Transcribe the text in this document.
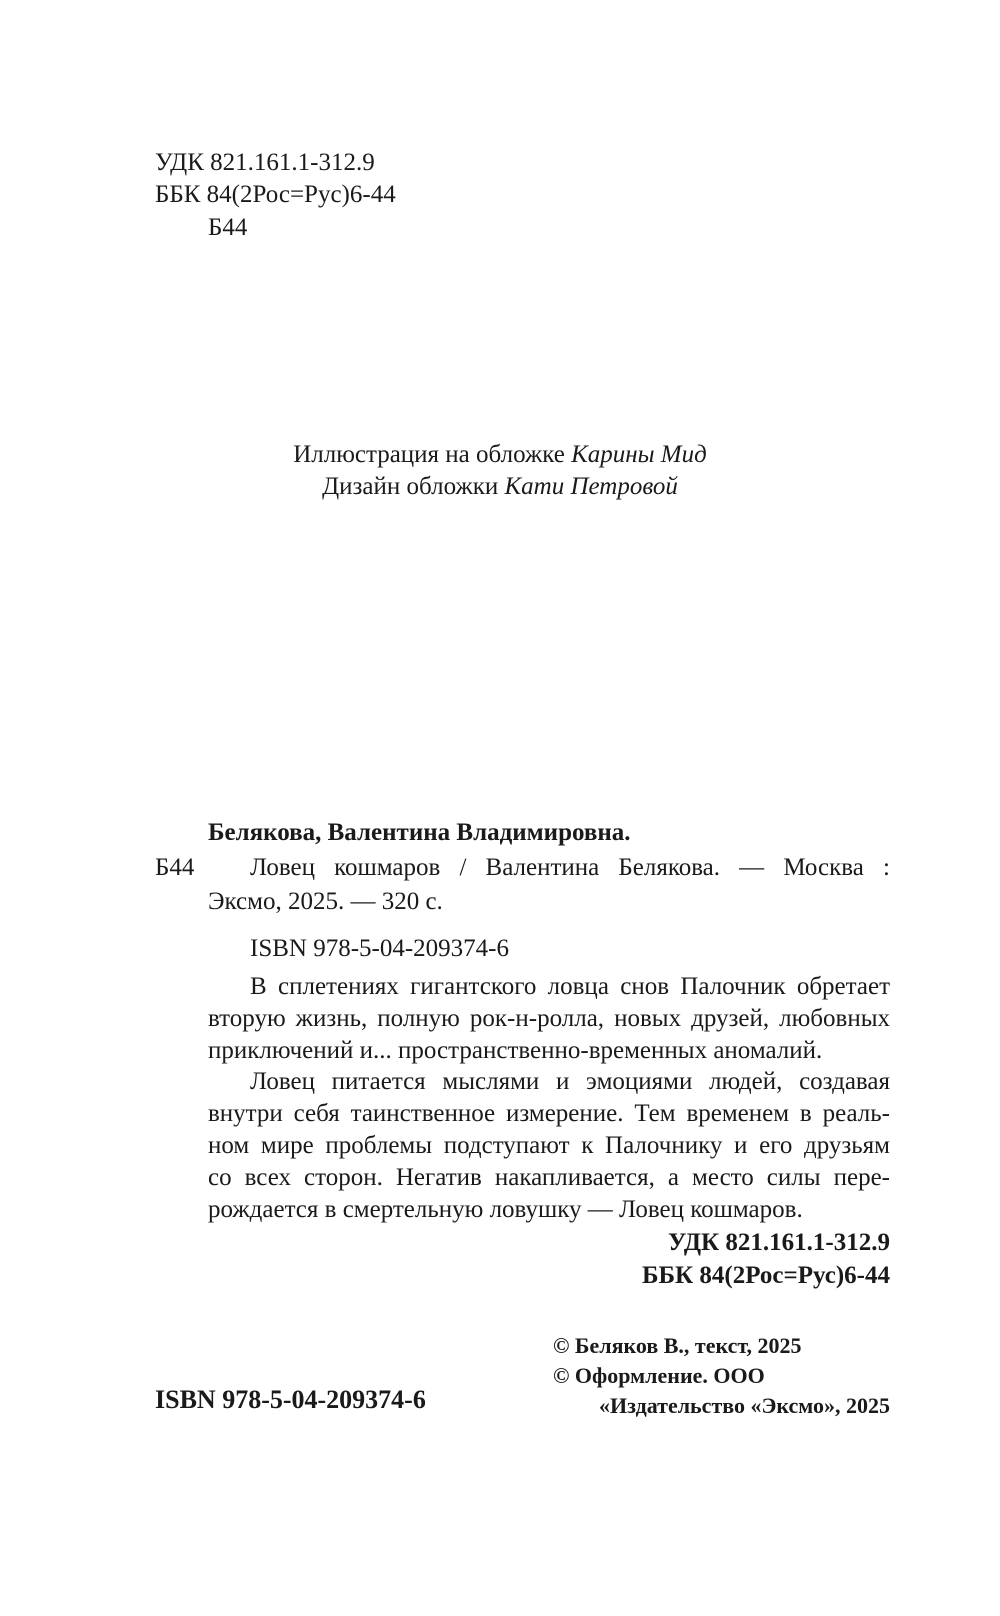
УДК 821.161.1-312.9
ББК 84(2Рос=Рус)6-44
Б44
Иллюстрация на обложке Карины Мид
Дизайн обложки Кати Петровой
Белякова, Валентина Владимировна.
Б44 Ловец кошмаров / Валентина Белякова. — Москва :
Эксмо, 2025. — 320 с.
ISBN 978-5-04-209374-6
В сплетениях гигантского ловца снов Палочник обретает
вторую жизнь, полную рок-н-ролла, новых друзей, любовных
приключений и... пространственно-временных аномалий.
Ловец питается мыслями и эмоциями людей, создавая
внутри себя таинственное измерение. Тем временем в реаль-
ном мире проблемы подступают к Палочнику и его друзьям
со всех сторон. Негатив накапливается, а место силы пере-
рождается в смертельную ловушку — Ловец кошмаров.
УДК 821.161.1-312.9
ББК 84(2Рос=Рус)6-44
ISBN 978-5-04-209374-6
© Беляков В., текст, 2025
© Оформление. ООО
«Издательство «Эксмо», 2025
